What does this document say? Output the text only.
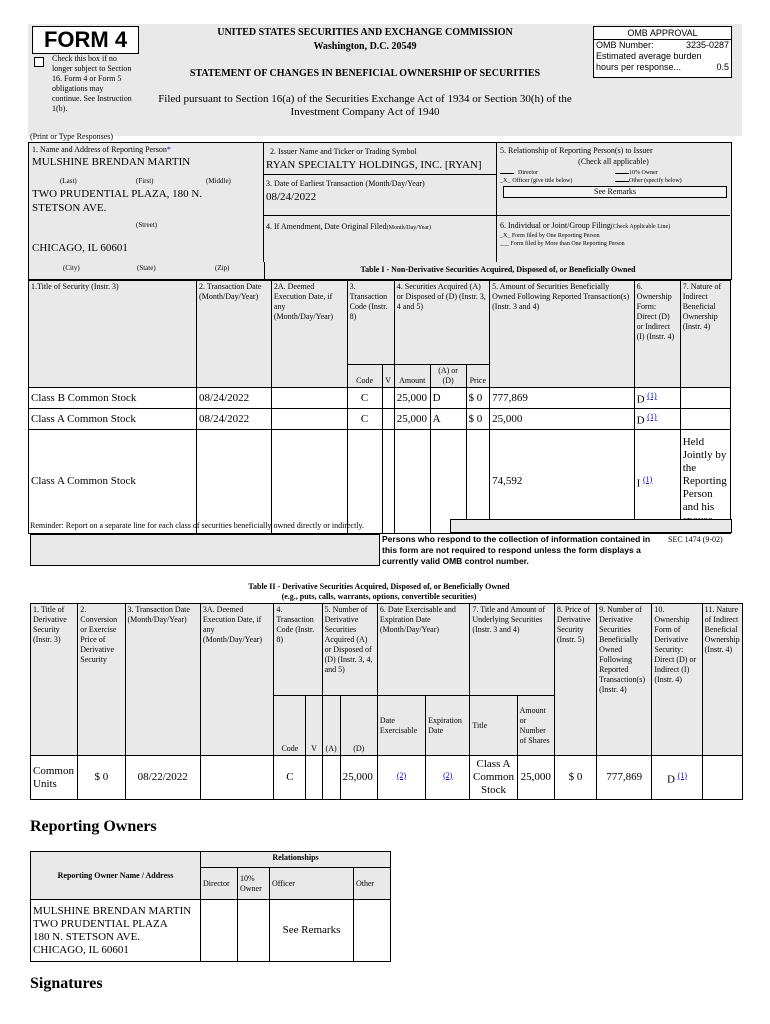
FORM 4
Check this box if no longer subject to Section 16. Form 4 or Form 5 obligations may continue. See Instruction 1(b).
UNITED STATES SECURITIES AND EXCHANGE COMMISSION
Washington, D.C. 20549
STATEMENT OF CHANGES IN BENEFICIAL OWNERSHIP OF SECURITIES
Filed pursuant to Section 16(a) of the Securities Exchange Act of 1934 or Section 30(h) of the Investment Company Act of 1940
OMB APPROVAL
OMB Number:	3235-0287
Estimated average burden
hours per response...	0.5
(Print or Type Responses)
1. Name and Address of Reporting Person*
MULSHINE BRENDAN MARTIN
(Last)	(First)	(Middle)
TWO PRUDENTIAL PLAZA, 180 N.
STETSON AVE.
(Street)
CHICAGO, IL 60601
2. Issuer Name and Ticker or Trading Symbol
RYAN SPECIALTY HOLDINGS, INC. [RYAN]
3. Date of Earliest Transaction (Month/Day/Year)
08/24/2022
4. If Amendment, Date Original Filed(Month/Day/Year)
5. Relationship of Reporting Person(s) to Issuer
(Check all applicable)
Director	10% Owner
_X_ Officer (give title below)	Other (specify below)
See Remarks
6. Individual or Joint/Group Filing(Check Applicable Line)
_X_ Form filed by One Reporting Person
___ Form filed by More than One Reporting Person
(City)	(State)	(Zip)	Table I - Non-Derivative Securities Acquired, Disposed of, or Beneficially Owned
1.Title of Security (Instr. 3)	2. Transaction Date (Month/Day/Year)	2A. Deemed Execution Date, if any (Month/Day/Year)	3. Transaction Code (Instr. 8)		4. Securities Acquired (A) or Disposed of (D) (Instr. 3, 4 and 5)			5. Amount of Securities Beneficially Owned Following Reported Transaction(s) (Instr. 3 and 4)	6. Ownership Form: Direct (D) or Indirect (I) (Instr. 4)	7. Nature of Indirect Beneficial Ownership (Instr. 4)
			Code	V	Amount	(A) or (D)	Price			
Class B Common Stock	08/24/2022		C		25,000	D	$ 0	777,869	D $^{(1)}$	
Class A Common Stock	08/24/2022		C		25,000	A	$ 0	25,000	D $^{(1)}$	
Class A Common Stock								74,592	I $^{(1)}$	Held Jointly by the Reporting Person and his
Reminder: Report on a separate line for each class of securities beneficially owned directly or indirectly.
Persons who respond to the collection of information contained in this form are not required to respond unless the form displays a currently valid OMB control number.
SEC 1474 (9-02)
Table II - Derivative Securities Acquired, Disposed of, or Beneficially Owned
(e.g., puts, calls, warrants, options, convertible securities)
1. Title of Derivative Security (Instr. 3)	2. Conversion or Exercise Price of Derivative Security	3. Transaction Date (Month/Day/Year)	3A. Deemed Execution Date, if any (Month/Day/Year)	4. Transaction Code (Instr. 8)		5. Number of Derivative Securities Acquired (A) or Disposed of (D) (Instr. 3, 4, and 5)		6. Date Exercisable and Expiration Date (Month/Day/Year)		7. Title and Amount of Underlying Securities (Instr. 3 and 4)		8. Price of Derivative Security (Instr. 5)	9. Number of Derivative Securities Beneficially Owned Following Reported Transaction(s) (Instr. 4)	10. Ownership Form of Derivative Security: Direct (D) or Indirect (I) (Instr. 4)	11. Nature of Indirect Beneficial Ownership (Instr. 4)
				Code	V	(A)	(D)	Date Exercisable	Expiration Date	Title	Amount or Number of Shares				
Common Units	$ 0	08/22/2022		C			25,000	$^{(2)}$	$^{(2)}$	Class A Common Stock	25,000	$ 0	777,869	D $^{(1)}$	
Reporting Owners
Reporting Owner Name / Address	Relationships			
	Director	10% Owner	Officer	Other

MULSHINE BRENDAN MARTIN
TWO PRUDENTIAL PLAZA
180 N. STETSON AVE.
CHICAGO, IL 60601			See Remarks	
Signatures
